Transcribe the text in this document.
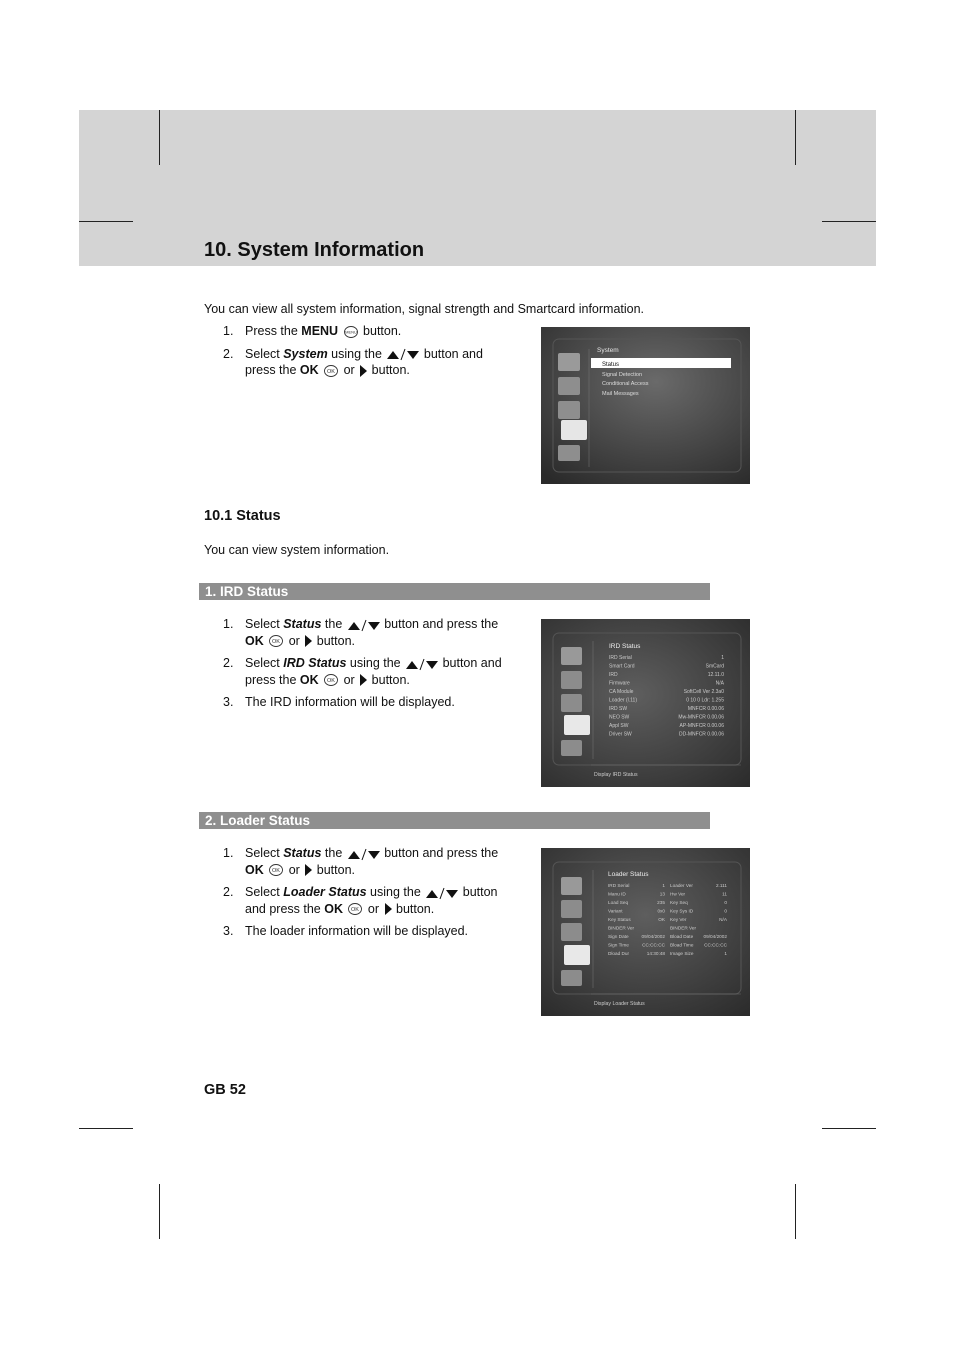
10. System Information
You can view all system information, signal strength and Smartcard information.
1. Press the MENU MENU button.
2. Select System using the	button and press the OK OK or  button.
System
Status
Signal Detection
Conditional Access
Mail Messages
10.1 Status
You can view system information.
1. IRD Status
1. Select Status the	button and press the OK OK or  button.
2. Select IRD Status using the	button and press the OK OK or  button.
3. The IRD information will be displayed.
IRD Status
IRD Serial	1
Smart Card	SmCard
IRD	12.11.0
Firmware	N/A
CA Module	SoftCell Ver 2.3a0
Loader (l.11)	0 10 0 Ldr: 1.255
IRD SW	MNFCR 0.00.06
NEO SW	Mw-MNFCR 0.00.06
Appl SW	AP-MNFCR 0.00.06
Driver SW	DD-MNFCR 0.00.06
Display IRD Status
2. Loader Status
1. Select Status the	button and press the OK OK or  button.
2. Select Loader Status using the	button and press the OK OK or  button.
3. The loader information will be displayed.
Loader Status
IRD Serial	1 Loader Ver	2.111
Manu ID	13 Hw Ver	11
Load Seq	235 Key Seq	0
Variant	0x0 Key Sys ID	0
Key Status	OK Key Ver	N/A
BINDER Ver	BINDER Ver
Sign Date	09/04/2002 Bload Date 09/04/2002
Sign Time	CC:CC:CC Bload Time CC:CC:CC
Dload Dur	14:30:48 Image Size	1
Display Loader Status
GB 52
